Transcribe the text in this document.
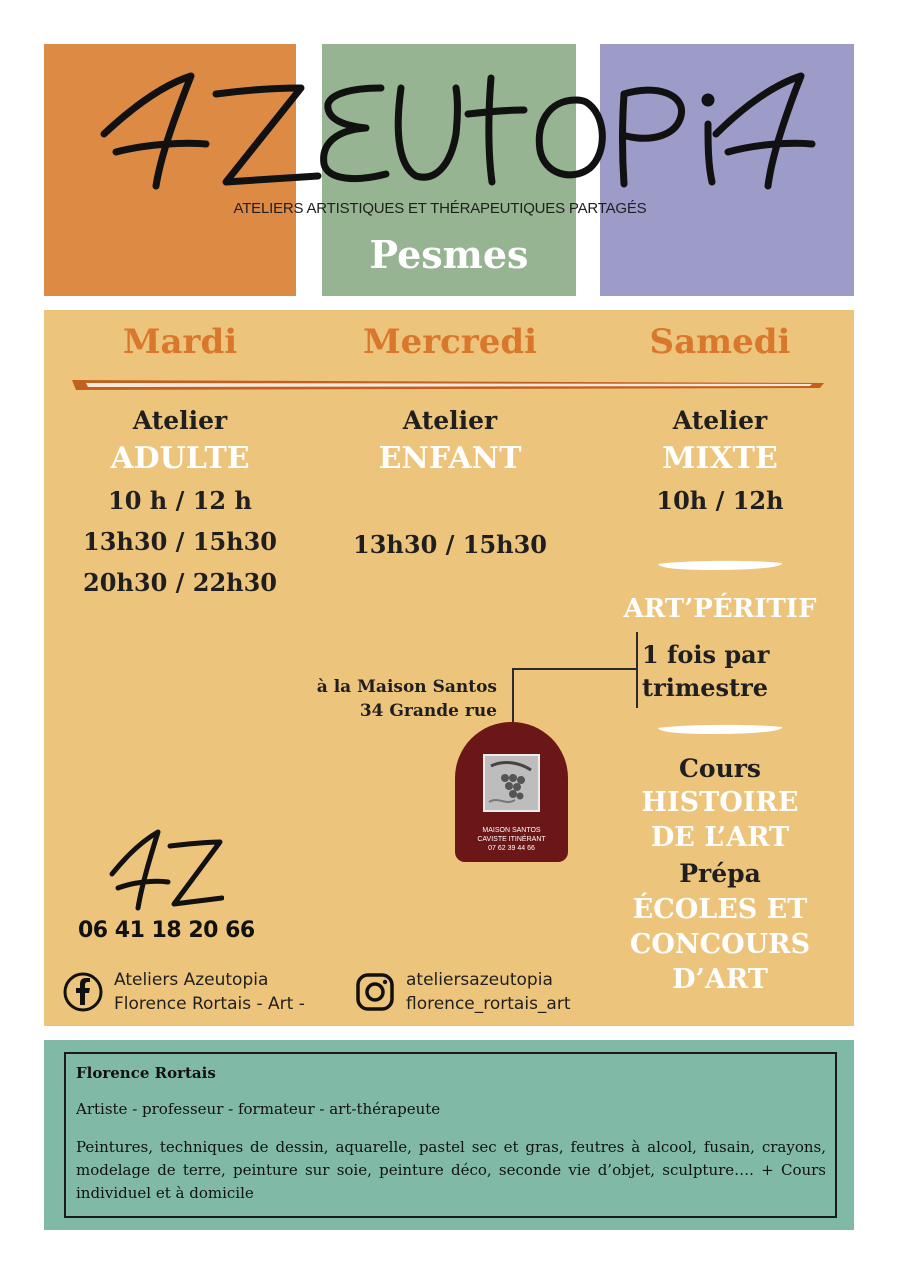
ATELIERS ARTISTIQUES ET THÉRAPEUTIQUES PARTAGÉS
Pesmes
Mardi	Mercredi	Samedi
Atelier
ADULTE
10 h / 12 h
13h30 / 15h30
20h30 / 22h30
Atelier
ENFANT
13h30 / 15h30
Atelier
MIXTE
10h / 12h
ART’PÉRITIF
1 fois par
trimestre
Cours
HISTOIRE
DE L’ART
Prépa
ÉCOLES ET
CONCOURS
D’ART
à la Maison Santos
34 Grande rue
MAISON SANTOS
CAVISTE ITINÉRANT
07 62 39 44 66
06 41 18 20 66
Ateliers Azeutopia
Florence Rortais - Art -
ateliersazeutopia
florence_rortais_art
Florence Rortais
Artiste - professeur - formateur - art-thérapeute
Peintures, techniques de dessin, aquarelle, pastel sec et gras, feutres à alcool, fusain, crayons, modelage de terre, peinture sur soie, peinture déco, seconde vie d’objet, sculpture…. + Cours individuel et à domicile
